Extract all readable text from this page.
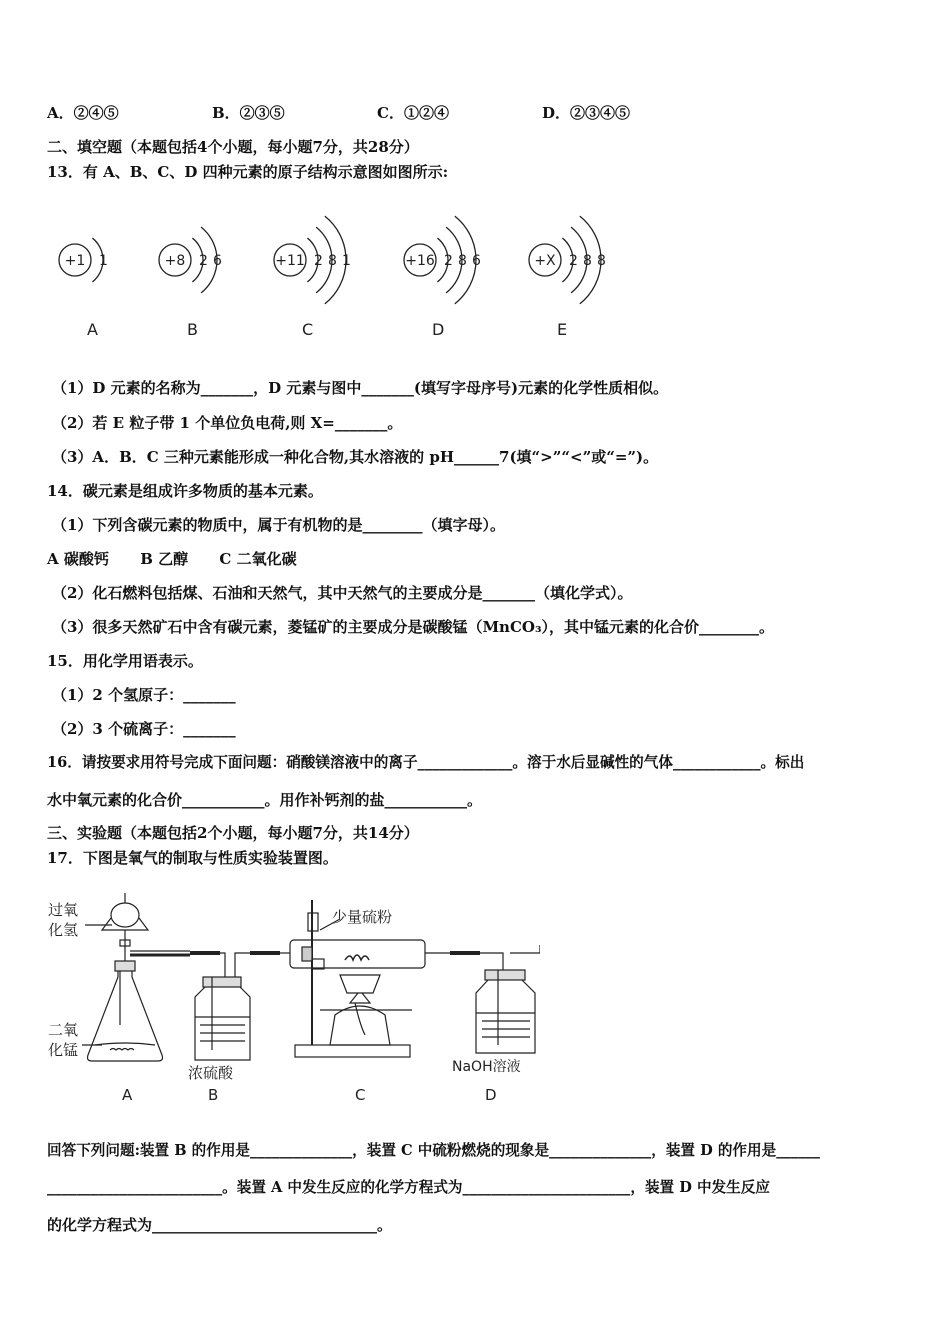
A．②④⑤	B．②③⑤	C．①②④	D．②③④⑤
二、填空题（本题包括4个小题，每小题7分，共28分）
13．有 A、B、C、D 四种元素的原子结构示意图如图所示:
+1 1
A
+8 2 6
B
+11 2 8 1
C
+16 2 8 6
D
+X 2 8 8
E
（1）D 元素的名称为_______，D 元素与图中_______(填写字母序号)元素的化学性质相似。
（2）若 E 粒子带 1 个单位负电荷,则 X=_______。
（3）A．B．C 三种元素能形成一种化合物,其水溶液的 pH______7(填“>”“<”或“=”)。
14．碳元素是组成许多物质的基本元素。
（1）下列含碳元素的物质中，属于有机物的是________（填字母）。
A 碳酸钙      B 乙醇      C 二氧化碳
（2）化石燃料包括煤、石油和天然气，其中天然气的主要成分是_______（填化学式）。
（3）很多天然矿石中含有碳元素，菱锰矿的主要成分是碳酸锰（MnCO₃），其中锰元素的化合价________。
15．用化学用语表示。
（1）2 个氢原子：_______
（2）3 个硫离子：_______
16．请按要求用符号完成下面问题：硝酸镁溶液中的离子_____________。溶于水后显碱性的气体____________。标出
水中氧元素的化合价___________。用作补钙剂的盐___________。
三、实验题（本题包括2个小题，每小题7分，共14分）
17．下图是氧气的制取与性质实验装置图。
过氧
化氢
二氧
化锰
少量硫粉
浓硫酸	NaOH溶液
A	B	C	D
回答下列问题:装置 B 的作用是______________，装置 C 中硫粉燃烧的现象是______________，装置 D 的作用是______
________________________。装置 A 中发生反应的化学方程式为_______________________，装置 D 中发生反应
的化学方程式为______________________________。
